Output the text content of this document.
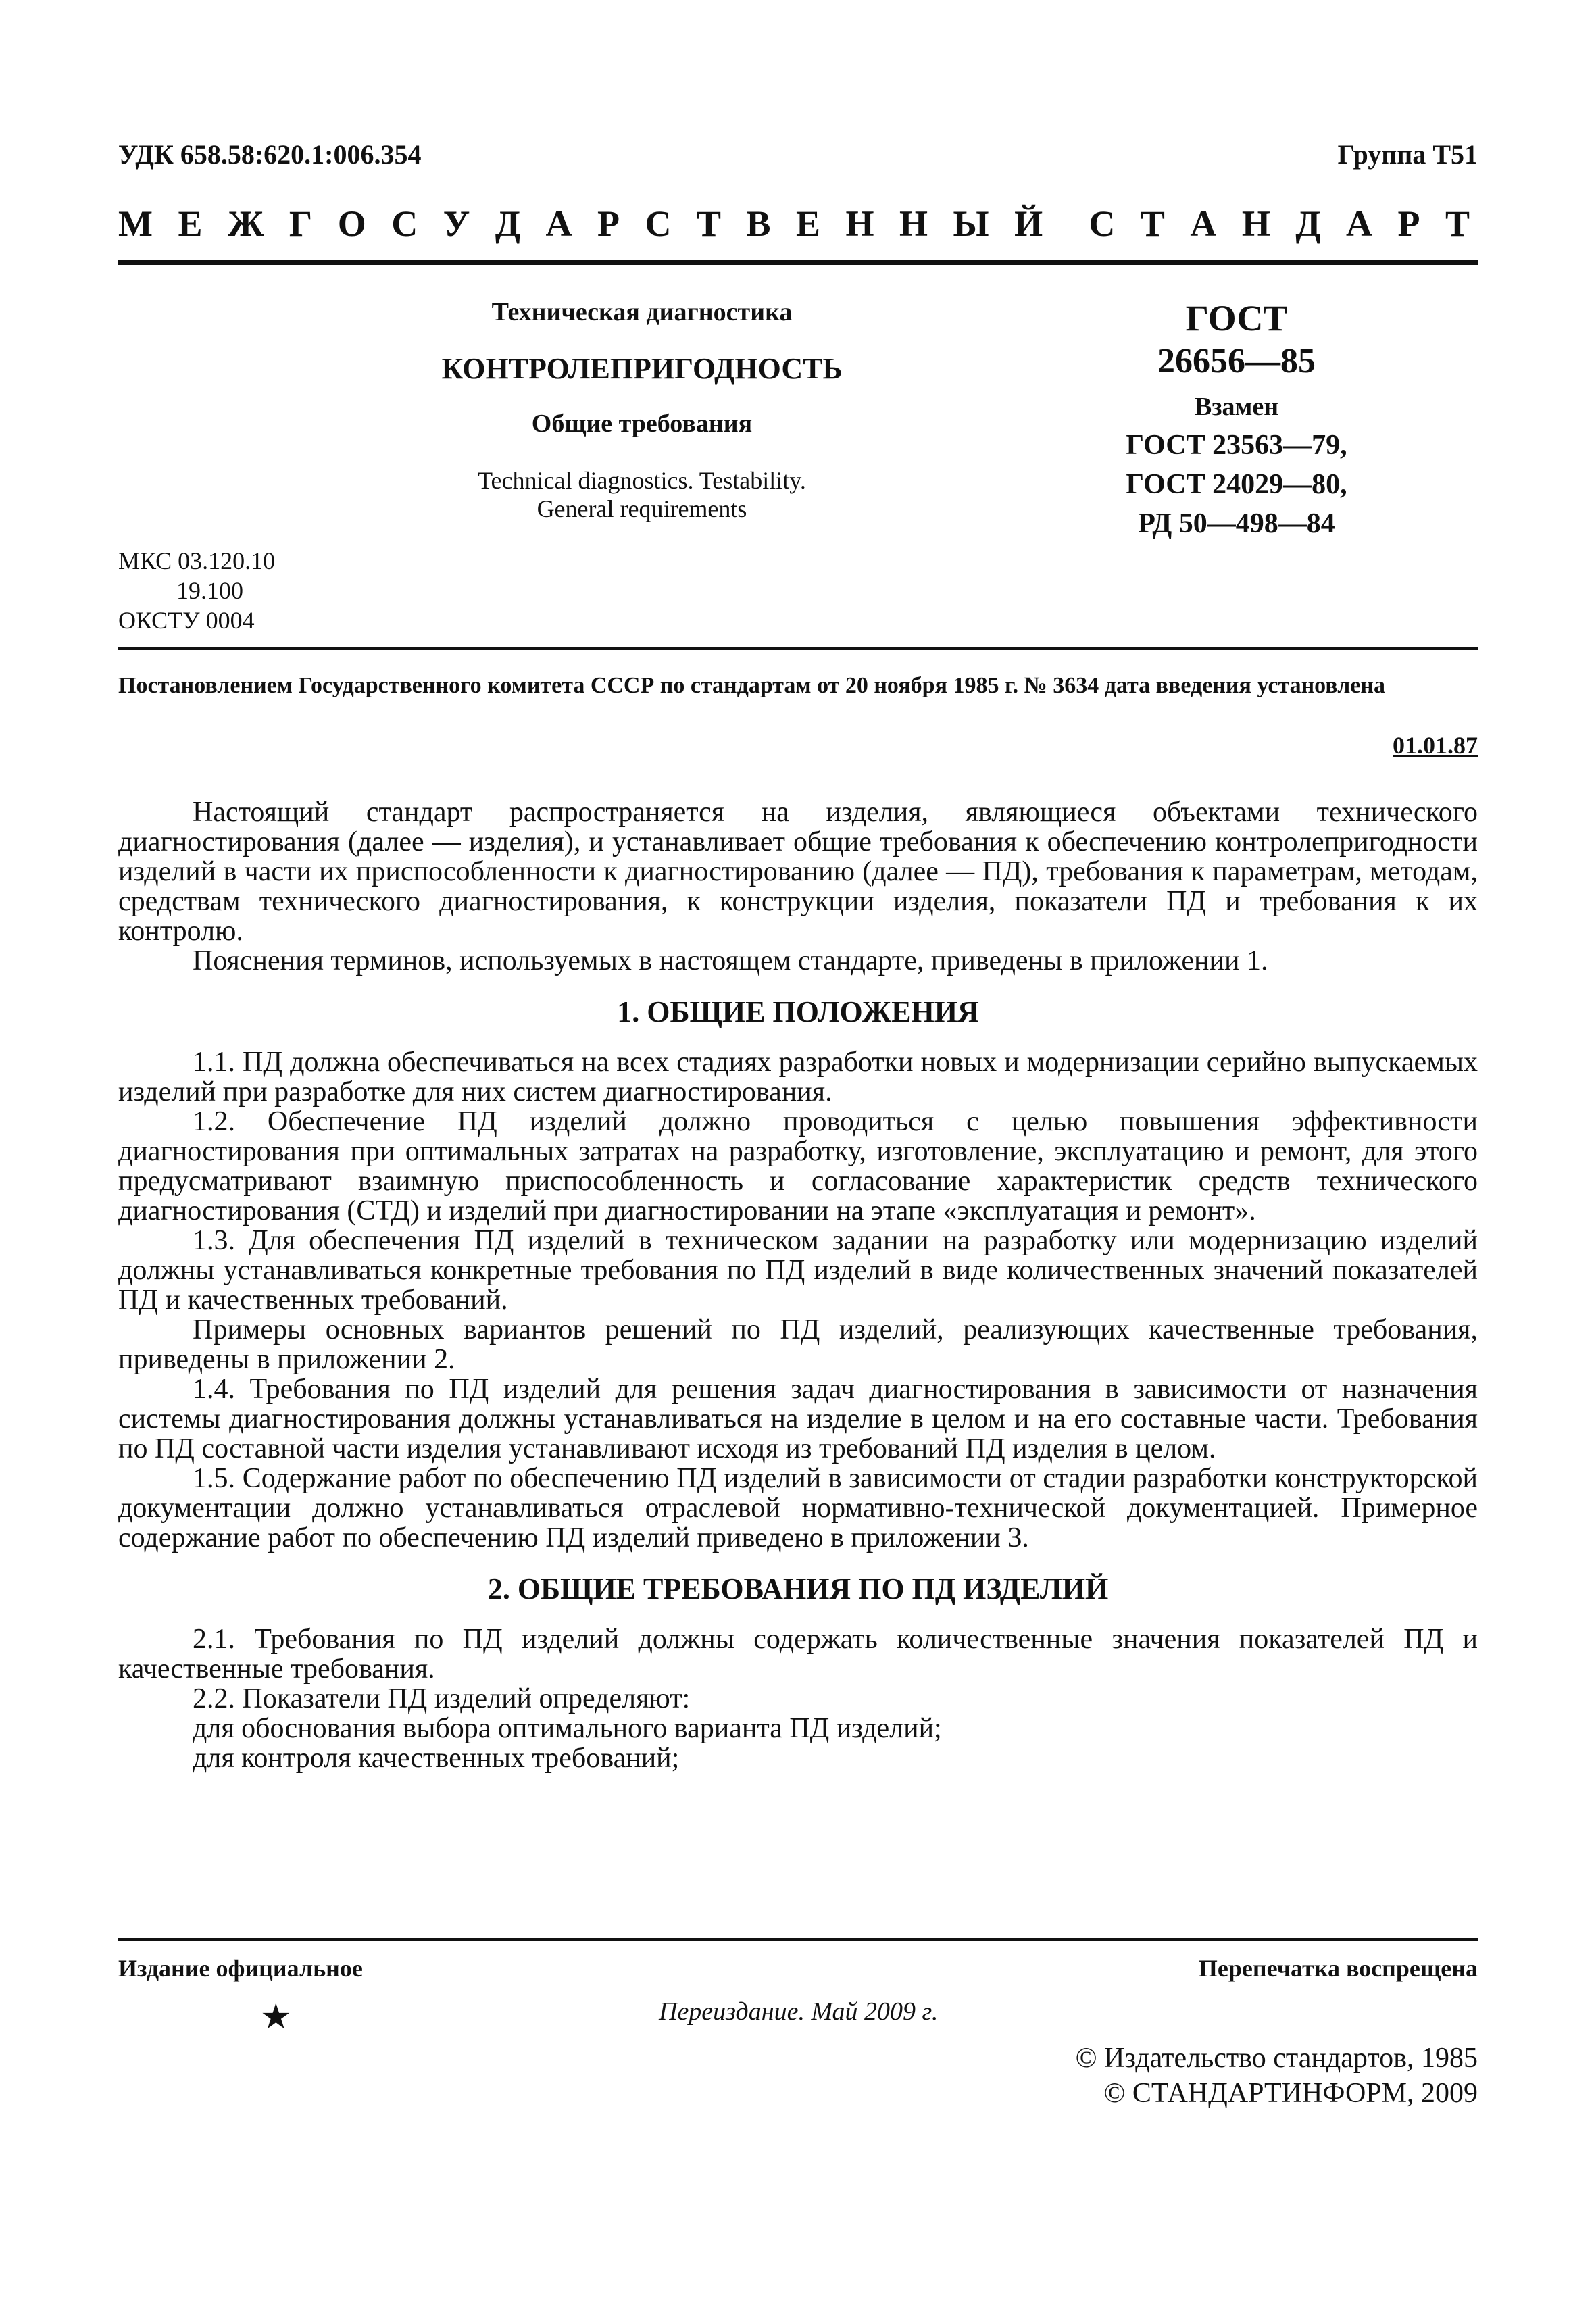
УДК 658.58:620.1:006.354	Группа Т51
М Е Ж Г О С У Д А Р С Т В Е Н Н Ы Й С Т А Н Д А Р Т
Техническая диагностика
КОНТРОЛЕПРИГОДНОСТЬ
Общие требования
Technical diagnostics. Testability.
General requirements
ГОСТ
26656—85
Взамен
ГОСТ 23563—79,
ГОСТ 24029—80,
РД 50—498—84
МКС 03.120.10
19.100
ОКСТУ 0004
Постановлением Государственного комитета СССР по стандартам от 20 ноября 1985 г. № 3634 дата введения установлена
01.01.87

Настоящий стандарт распространяется на изделия, являющиеся объектами технического диагностирования (далее — изделия), и устанавливает общие требования к обеспечению контролепригодности изделий в части их приспособленности к диагностированию (далее — ПД), требования к параметрам, методам, средствам технического диагностирования, к конструкции изделия, показатели ПД и требования к их контролю.

Пояснения терминов, используемых в настоящем стандарте, приведены в приложении 1.

1. ОБЩИЕ ПОЛОЖЕНИЯ

1.1. ПД должна обеспечиваться на всех стадиях разработки новых и модернизации серийно выпускаемых изделий при разработке для них систем диагностирования.

1.2. Обеспечение ПД изделий должно проводиться с целью повышения эффективности диагностирования при оптимальных затратах на разработку, изготовление, эксплуатацию и ремонт, для этого предусматривают взаимную приспособленность и согласование характеристик средств технического диагностирования (СТД) и изделий при диагностировании на этапе «эксплуатация и ремонт».

1.3. Для обеспечения ПД изделий в техническом задании на разработку или модернизацию изделий должны устанавливаться конкретные требования по ПД изделий в виде количественных значений показателей ПД и качественных требований.

Примеры основных вариантов решений по ПД изделий, реализующих качественные требования, приведены в приложении 2.

1.4. Требования по ПД изделий для решения задач диагностирования в зависимости от назначения системы диагностирования должны устанавливаться на изделие в целом и на его составные части. Требования по ПД составной части изделия устанавливают исходя из требований ПД изделия в целом.

1.5. Содержание работ по обеспечению ПД изделий в зависимости от стадии разработки конструкторской документации должно устанавливаться отраслевой нормативно-технической документацией. Примерное содержание работ по обеспечению ПД изделий приведено в приложении 3.

2. ОБЩИЕ ТРЕБОВАНИЯ ПО ПД ИЗДЕЛИЙ

2.1. Требования по ПД изделий должны содержать количественные значения показателей ПД и качественные требования.

2.2. Показатели ПД изделий определяют:

для обоснования выбора оптимального варианта ПД изделий;

для контроля качественных требований;

Издание официальное	Перепечатка воспрещена
★	Переиздание. Май 2009 г.
© Издательство стандартов, 1985
© СТАНДАРТИНФОРМ, 2009
